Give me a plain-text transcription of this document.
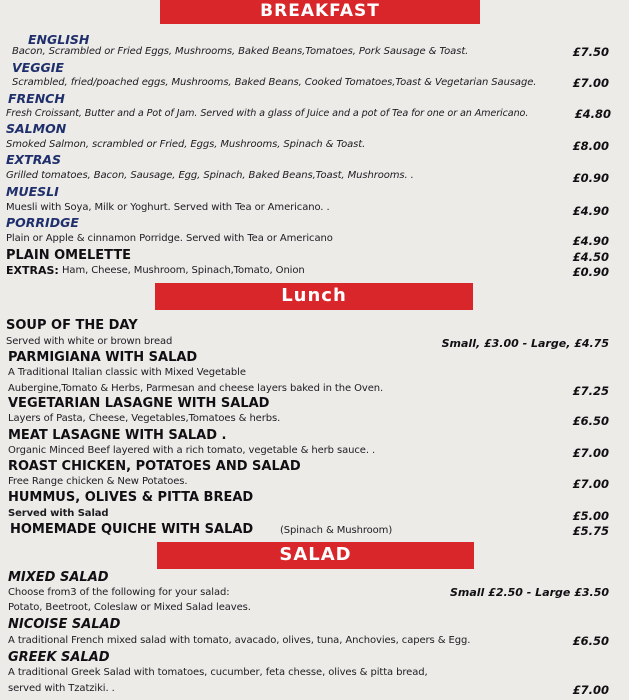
BREAKFAST
ENGLISH
Bacon, Scrambled or Fried Eggs, Mushrooms, Baked Beans,Tomatoes, Pork Sausage & Toast.	£7.50
VEGGIE
Scrambled, fried/poached eggs, Mushrooms, Baked Beans, Cooked Tomatoes,Toast & Vegetarian Sausage.	£7.00
FRENCH
Fresh Croissant, Butter and a Pot of Jam. Served with a glass of Juice and a pot of Tea for one or an Americano.	£4.80
SALMON
Smoked Salmon, scrambled or Fried, Eggs, Mushrooms, Spinach & Toast.	£8.00
EXTRAS
Grilled tomatoes, Bacon, Sausage, Egg, Spinach, Baked Beans,Toast, Mushrooms. .	£0.90
MUESLI
Muesli with Soya, Milk or Yoghurt. Served with Tea or Americano. .	£4.90
PORRIDGE
Plain or Apple & cinnamon Porridge. Served with Tea or Americano	£4.90
PLAIN OMELETTE	£4.50
EXTRAS: Ham, Cheese, Mushroom, Spinach,Tomato, Onion	£0.90
Lunch
SOUP OF THE DAY
Served with white or brown bread	Small, £3.00 - Large, £4.75
PARMIGIANA WITH SALAD
A Traditional Italian classic with Mixed Vegetable
Aubergine,Tomato & Herbs, Parmesan and cheese layers baked in the Oven.	£7.25
VEGETARIAN LASAGNE WITH SALAD
Layers of Pasta, Cheese, Vegetables,Tomatoes & herbs.	£6.50
MEAT LASAGNE WITH SALAD .
Organic Minced Beef layered with a rich tomato, vegetable & herb sauce. .	£7.00
ROAST CHICKEN, POTATOES AND SALAD
Free Range chicken & New Potatoes.	£7.00
HUMMUS, OLIVES & PITTA BREAD
Served with Salad	£5.00
HOMEMADE QUICHE WITH SALAD	(Spinach & Mushroom)	£5.75
SALAD
MIXED SALAD
Choose from3 of the following for your salad:
Potato, Beetroot, Coleslaw or Mixed Salad leaves.
Small £2.50 - Large £3.50
NICOISE SALAD
A traditional French mixed salad with tomato, avacado, olives, tuna, Anchovies, capers & Egg.	£6.50
GREEK SALAD
A traditional Greek Salad with tomatoes, cucumber, feta chesse, olives & pitta bread,
served with Tzatziki. .	£7.00
